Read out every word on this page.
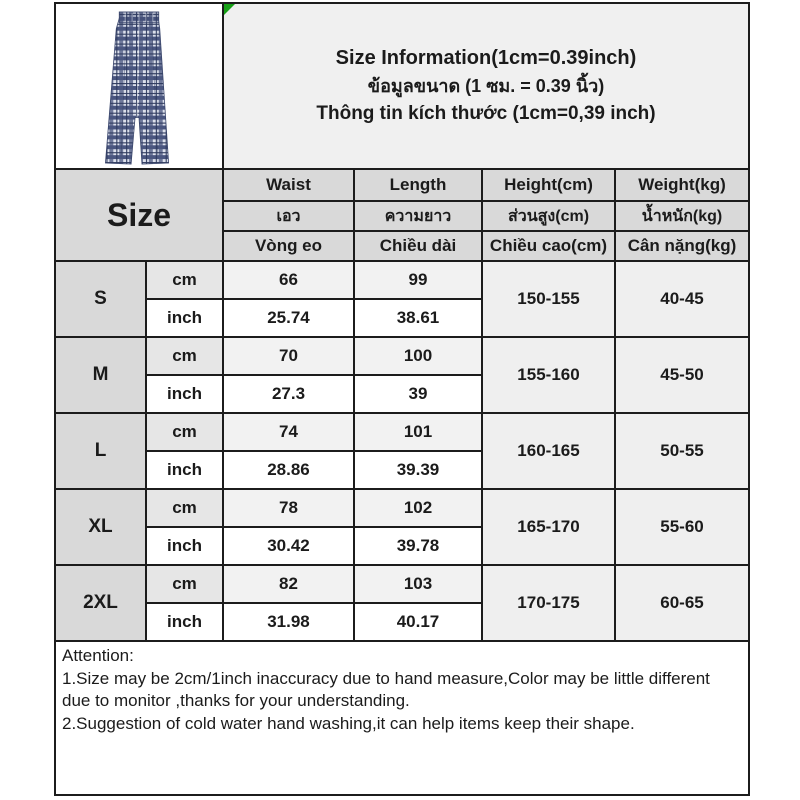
Size Information(1cm=0.39inch)
ข้อมูลขนาด (1 ซม. = 0.39 นิ้ว)
Thông tin kích thước (1cm=0,39 inch)			

Size		Waist	Length	Height(cm)	Weight(kg)
		เอว	ความยาว	ส่วนสูง(cm)	น้ำหนัก(kg)
		Vòng eo	Chiều dài	Chiều cao(cm)	Cân nặng(kg)
S	cm	66	99	150-155	40-45
	inch	25.74	38.61		
M	cm	70	100	155-160	45-50
	inch	27.3	39		
L	cm	74	101	160-165	50-55
	inch	28.86	39.39		
XL	cm	78	102	165-170	55-60
	inch	30.42	39.78		
2XL	cm	82	103	170-175	60-65
	inch	31.98	40.17		

Attention:
1.Size may be 2cm/1inch inaccuracy due to hand measure,Color may be little different due to monitor ,thanks for your understanding.
2.Suggestion of cold water hand washing,it can help items keep their shape.					
